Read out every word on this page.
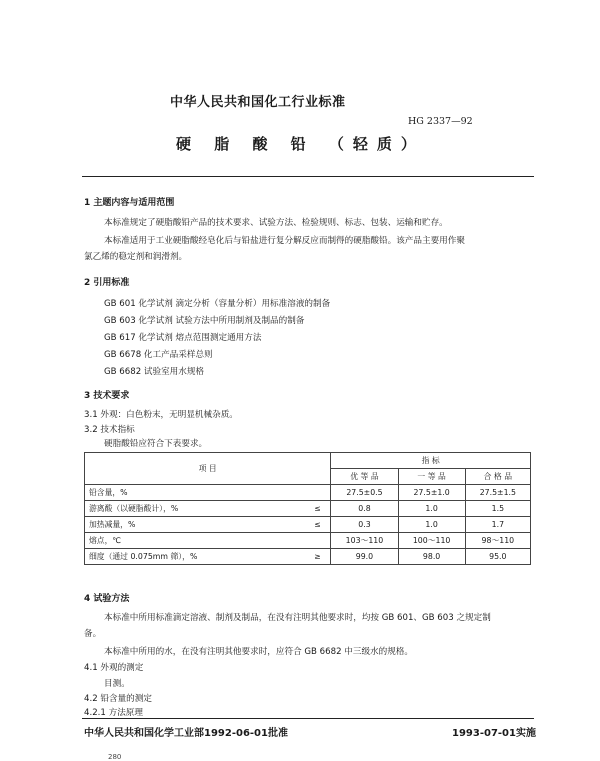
中华人民共和国化工行业标准
HG 2337—92
硬 脂 酸 铅 （轻质）
1 主题内容与适用范围
本标准规定了硬脂酸铅产品的技术要求、试验方法、检验规则、标志、包装、运输和贮存。
本标准适用于工业硬脂酸经皂化后与铅盐进行复分解反应而制得的硬脂酸铅。该产品主要用作聚
氯乙烯的稳定剂和润滑剂。
2 引用标准
GB 601 化学试剂 滴定分析（容量分析）用标准溶液的制备
GB 603 化学试剂 试验方法中所用制剂及制品的制备
GB 617 化学试剂 熔点范围测定通用方法
GB 6678 化工产品采样总则
GB 6682 试验室用水规格
3 技术要求
3.1 外观：白色粉末，无明显机械杂质。
3.2 技术指标
硬脂酸铅应符合下表要求。
项 目		指 标		
		优 等 品	一 等 品	合 格 品
铅含量，%		27.5±0.5	27.5±1.0	27.5±1.5
游离酸（以硬脂酸计），%	≤	0.8	1.0	1.5
加热减量，%	≤	0.3	1.0	1.7
熔点，℃		103～110	100～110	98～110
细度（通过 0.075mm 筛），%	≥	99.0	98.0	95.0
4 试验方法
本标准中所用标准滴定溶液、制剂及制品，在没有注明其他要求时，均按 GB 601、GB 603 之规定制
备。
本标准中所用的水，在没有注明其他要求时，应符合 GB 6682 中三级水的规格。
4.1 外观的测定
目测。
4.2 铅含量的测定
4.2.1 方法原理
中华人民共和国化学工业部1992-06-01批准	1993-07-01实施
280
